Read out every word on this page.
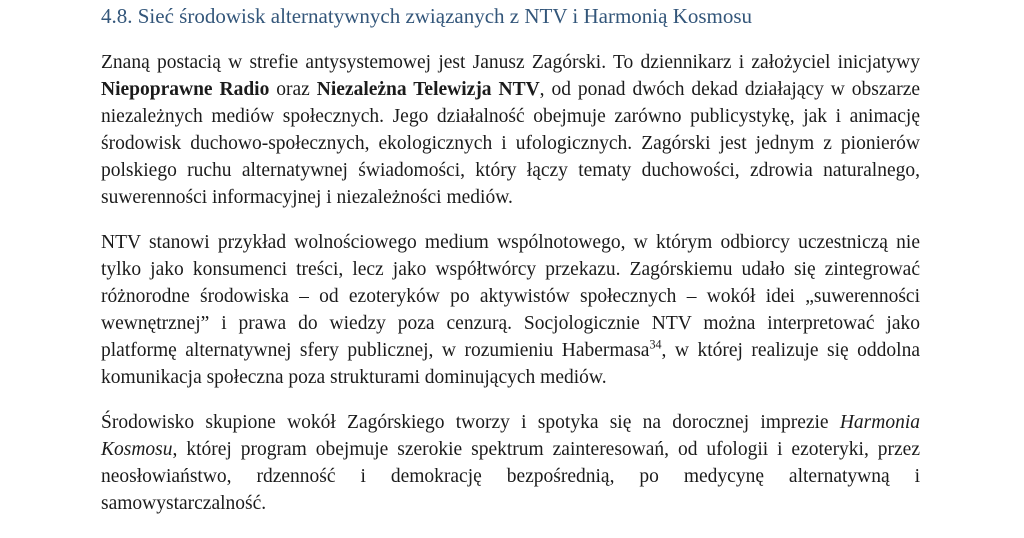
4.8. Sieć środowisk alternatywnych związanych z NTV i Harmonią Kosmosu

Znaną postacią w strefie antysystemowej jest Janusz Zagórski. To dziennikarz i założyciel inicjatywy Niepoprawne Radio oraz Niezależna Telewizja NTV, od ponad dwóch dekad działający w obszarze niezależnych mediów społecznych. Jego działalność obejmuje zarówno publicystykę, jak i animację środowisk duchowo-społecznych, ekologicznych i ufologicznych. Zagórski jest jednym z pionierów polskiego ruchu alternatywnej świadomości, który łączy tematy duchowości, zdrowia naturalnego, suwerenności informacyjnej i niezależności mediów.

NTV stanowi przykład wolnościowego medium wspólnotowego, w którym odbiorcy uczestniczą nie tylko jako konsumenci treści, lecz jako współtwórcy przekazu. Zagórskiemu udało się zintegrować różnorodne środowiska – od ezoteryków po aktywistów społecznych – wokół idei „suwerenności wewnętrznej” i prawa do wiedzy poza cenzurą. Socjologicznie NTV można interpretować jako platformę alternatywnej sfery publicznej, w rozumieniu Habermasa$^{34}$, w której realizuje się oddolna komunikacja społeczna poza strukturami dominujących mediów.

Środowisko skupione wokół Zagórskiego tworzy i spotyka się na dorocznej imprezie Harmonia Kosmosu, której program obejmuje szerokie spektrum zainteresowań, od ufologii i ezoteryki, przez neosłowiaństwo, rdzenność i demokrację bezpośrednią, po medycynę alternatywną i samowystarczalność.
